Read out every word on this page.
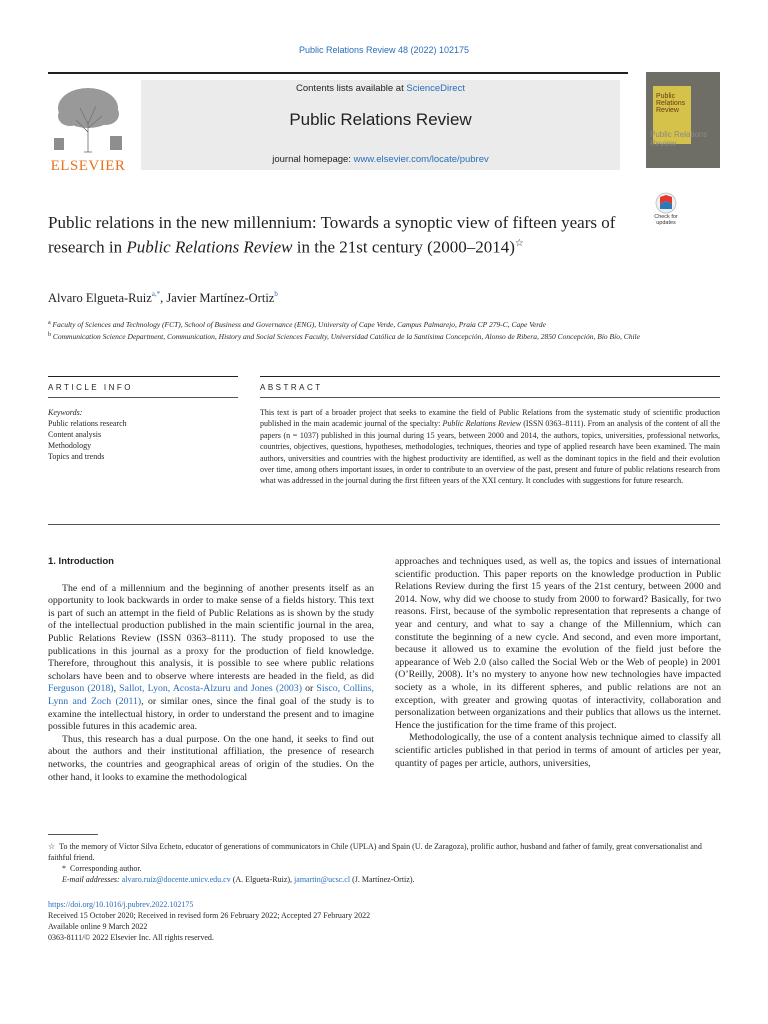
Public Relations Review 48 (2022) 102175
ELSEVIER
Contents lists available at ScienceDirect
Public Relations Review
journal homepage: www.elsevier.com/locate/pubrev
Public Relations Review
Public Relations Review
Check for updates
Public relations in the new millennium: Towards a synoptic view of fifteen years of research in Public Relations Review in the 21st century (2000–2014)☆
Alvaro Elgueta-Ruiz$^{a,*}$, Javier Martínez-Ortiz$^b$
$^a$ Faculty of Sciences and Technology (FCT), School of Business and Governance (ENG), University of Cape Verde, Campus Palmarejo, Praia CP 279-C, Cape Verde
$^b$ Communication Science Department, Communication, History and Social Sciences Faculty, Universidad Católica de la Santísima Concepción, Alonso de Ribera, 2850 Concepción, Bío Bío, Chile
ARTICLE INFO	ABSTRACT
Keywords:
Public relations research
Content analysis
Methodology
Topics and trends
This text is part of a broader project that seeks to examine the field of Public Relations from the systematic study of scientific production published in the main academic journal of the specialty: Public Relations Review (ISSN 0363–8111). From an analysis of the content of all the papers (n = 1037) published in this journal during 15 years, between 2000 and 2014, the authors, topics, universities, professional networks, countries, objectives, questions, hypotheses, methodologies, techniques, theories and type of applied research have been examined. The main authors, universities and countries with the highest productivity are identified, as well as the dominant topics in the field and their evolution over time, among others important issues, in order to contribute to an overview of the past, present and future of public relations research from what was addressed in the journal during the first fifteen years of the XXI century. It concludes with suggestions for future research.
1. Introduction

The end of a millennium and the beginning of another presents itself as an opportunity to look backwards in order to make sense of a fields history. This text is part of such an attempt in the field of Public Relations as is shown by the study of the intellectual production published in the main scientific journal in the area, Public Relations Review (ISSN 0363–8111). The study proposed to use the publications in this journal as a proxy for the production of field knowledge. Therefore, throughout this analysis, it is possible to see where public relations scholars have been and to observe where interests are headed in the field, as did Ferguson (2018), Sallot, Lyon, Acosta-Alzuru and Jones (2003) or Sisco, Collins, Lynn and Zoch (2011), or similar ones, since the final goal of the study is to examine the intellectual history, in order to understand the present and to imagine possible futures in this academic area.

Thus, this research has a dual purpose. On the one hand, it seeks to find out about the authors and their institutional affiliation, the presence of research networks, the countries and geographical areas of origin of the studies. On the other hand, it looks to examine the methodological

approaches and techniques used, as well as, the topics and issues of international scientific production. This paper reports on the knowledge production in Public Relations Review during the first 15 years of the 21st century, between 2000 and 2014. Now, why did we choose to study from 2000 to forward? Basically, for two reasons. First, because of the symbolic representation that represents a change of year and century, and what to say a change of the Millennium, which can constitute the beginning of a new cycle. And second, and even more important, because it allowed us to examine the evolution of the field just before the appearance of Web 2.0 (also called the Social Web or the Web of people) in 2001 (O’Reilly, 2008). It’s no mystery to anyone how new technologies have impacted society as a whole, in its different spheres, and public relations are not an exception, with greater and growing quotas of interactivity, collaboration and personalization between organizations and their publics that allows us the internet. Hence the justification for the time frame of this project.

Methodologically, the use of a content analysis technique aimed to classify all scientific articles published in that period in terms of amount of articles per year, quantity of pages per article, authors, universities,

☆ To the memory of Víctor Silva Echeto, educator of generations of communicators in Chile (UPLA) and Spain (U. de Zaragoza), prolific author, husband and father of family, great conversationalist and faithful friend.

* Corresponding author.

E-mail addresses: alvaro.ruiz@docente.unicv.edu.cv (A. Elgueta-Ruiz), jamartin@ucsc.cl (J. Martínez-Ortiz).

https://doi.org/10.1016/j.pubrev.2022.102175

Received 15 October 2020; Received in revised form 26 February 2022; Accepted 27 February 2022

Available online 9 March 2022

0363-8111/© 2022 Elsevier Inc. All rights reserved.
